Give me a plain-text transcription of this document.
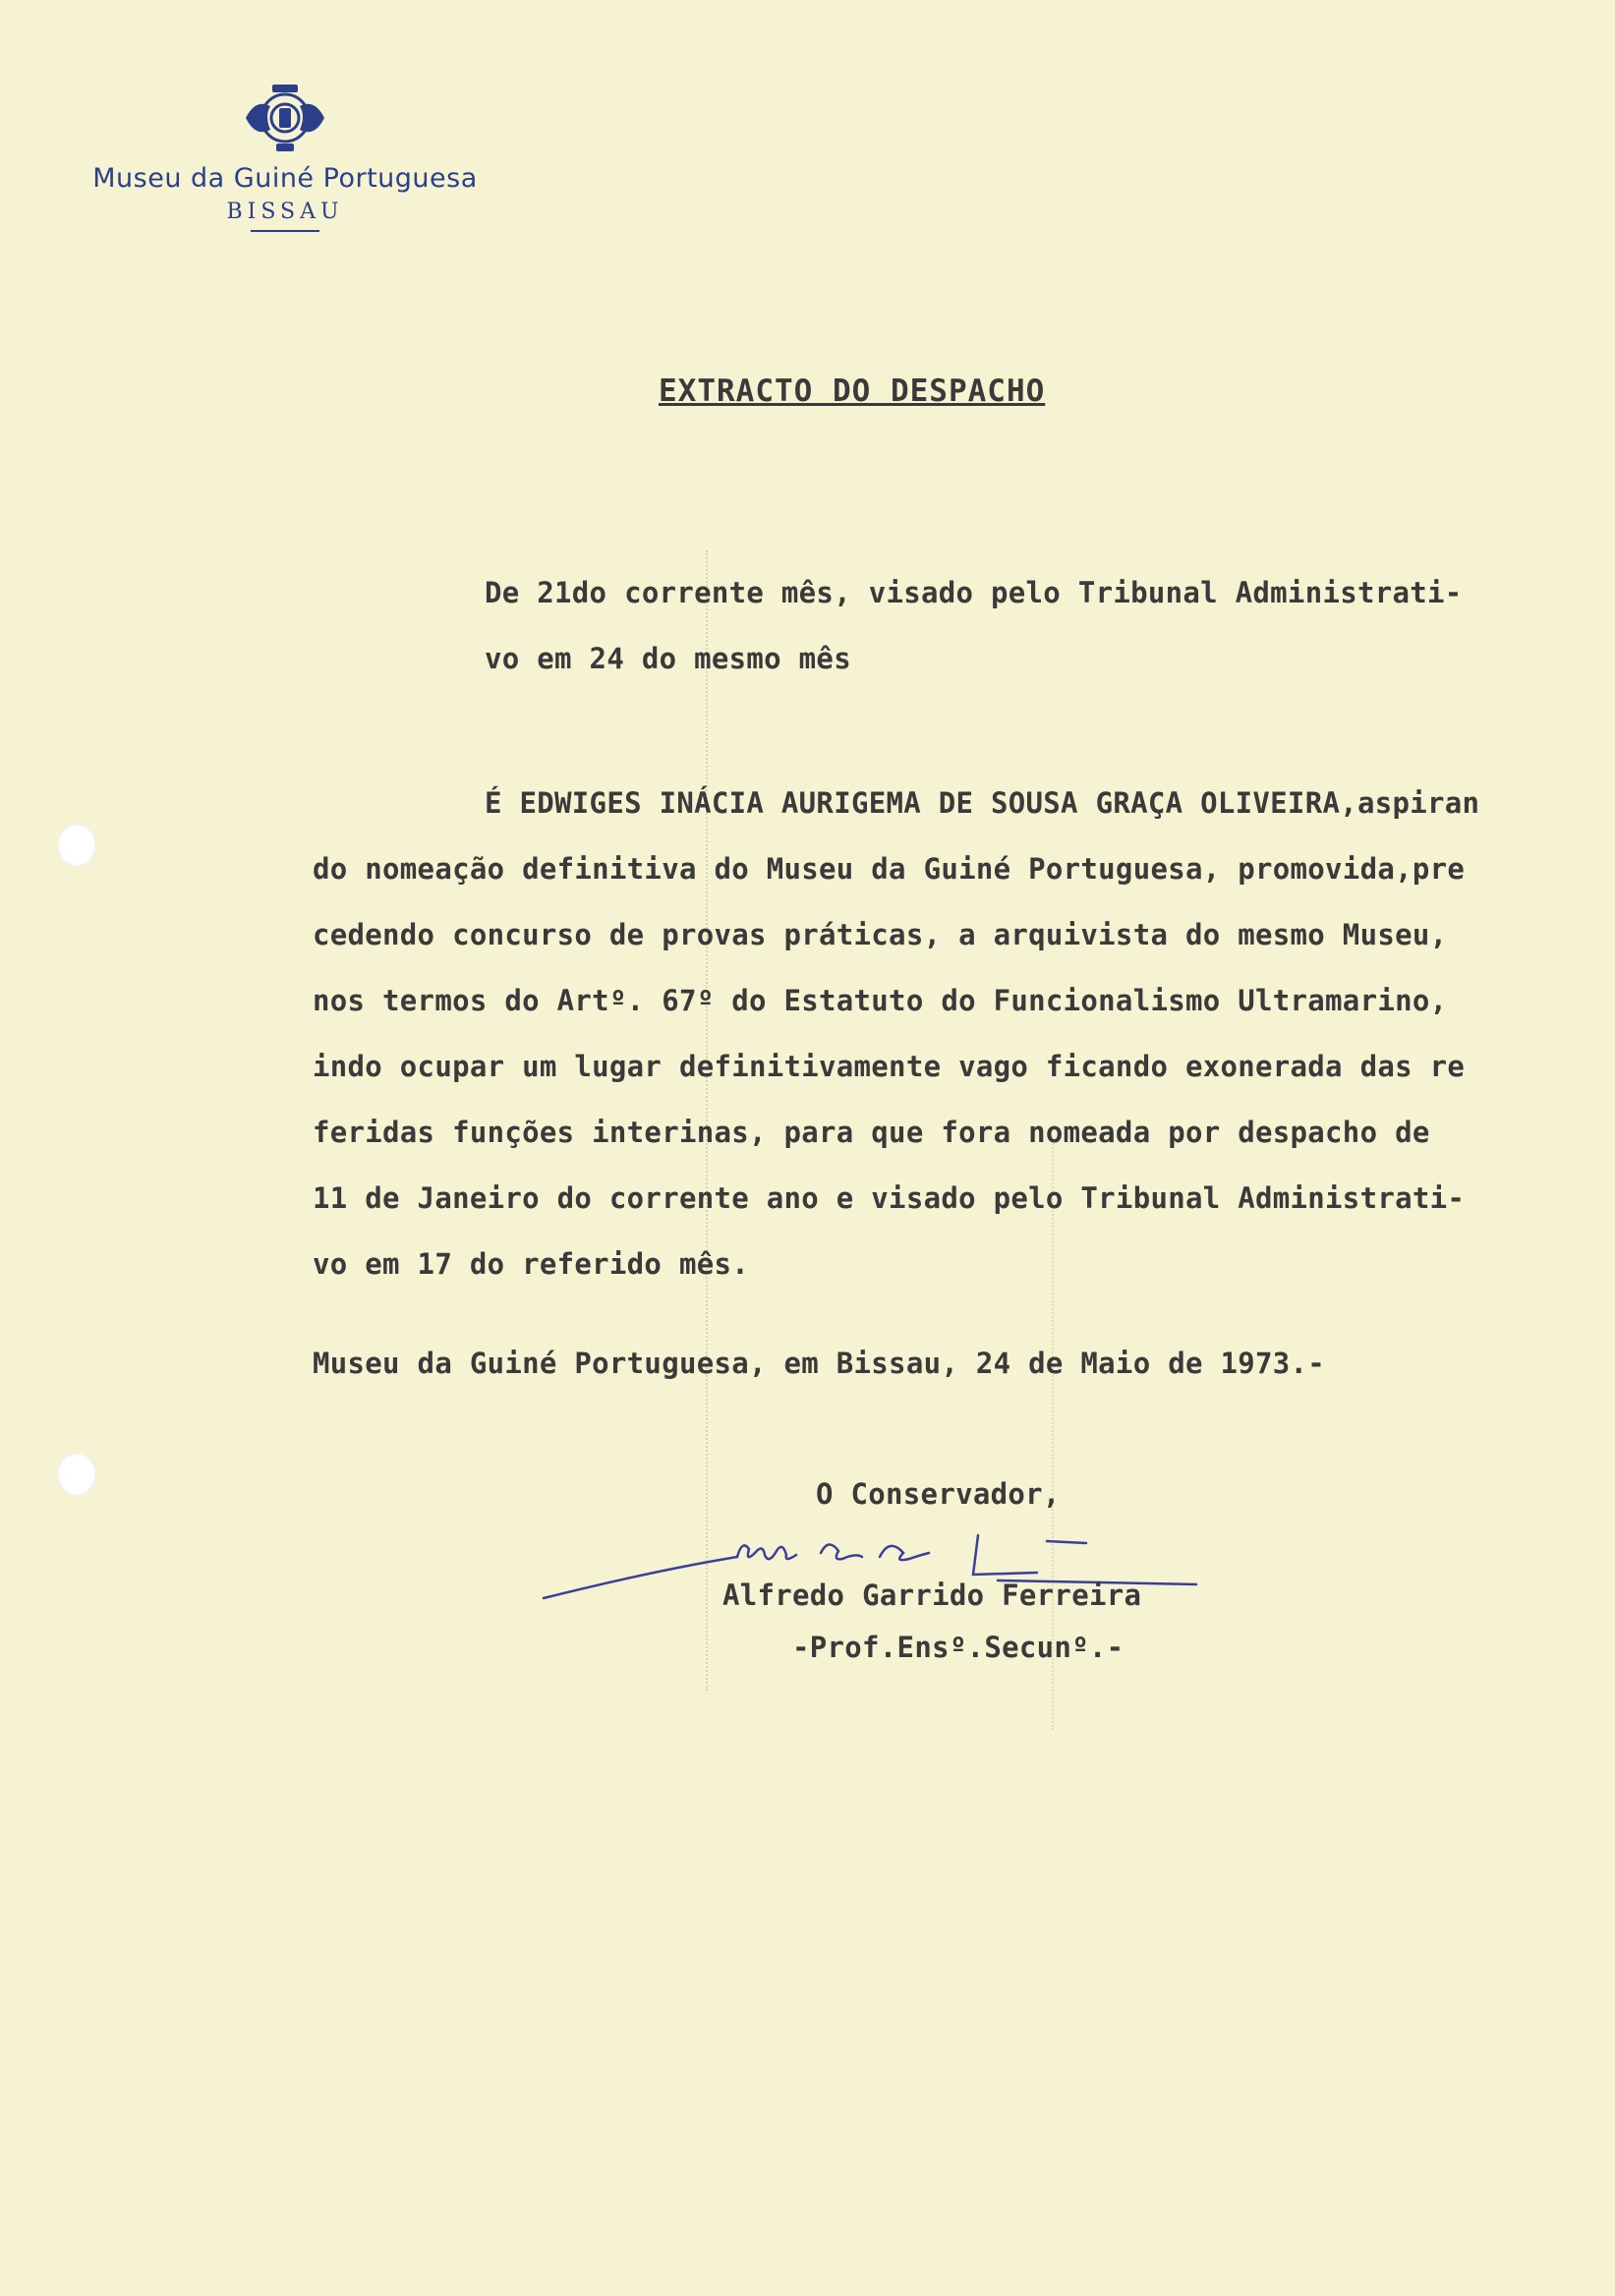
Museu da Guiné Portuguesa
BISSAU
EXTRACTO DO DESPACHO
De 21do corrente mês, visado pelo Tribunal Administrati-
vo em 24 do mesmo mês
É EDWIGES INÁCIA AURIGEMA DE SOUSA GRAÇA OLIVEIRA,aspiran
do nomeação definitiva do Museu da Guiné Portuguesa, promovida,pre
cedendo concurso de provas práticas, a arquivista do mesmo Museu,
nos termos do Artº. 67º do Estatuto do Funcionalismo Ultramarino,
indo ocupar um lugar definitivamente vago ficando exonerada das re
feridas funções interinas, para que fora nomeada por despacho de
11 de Janeiro do corrente ano e visado pelo Tribunal Administrati-
vo em 17 do referido mês.
Museu da Guiné Portuguesa, em Bissau, 24 de Maio de 1973.-
O Conservador,
Alfredo Garrido Ferreira
-Prof.Ensº.Secunº.-
